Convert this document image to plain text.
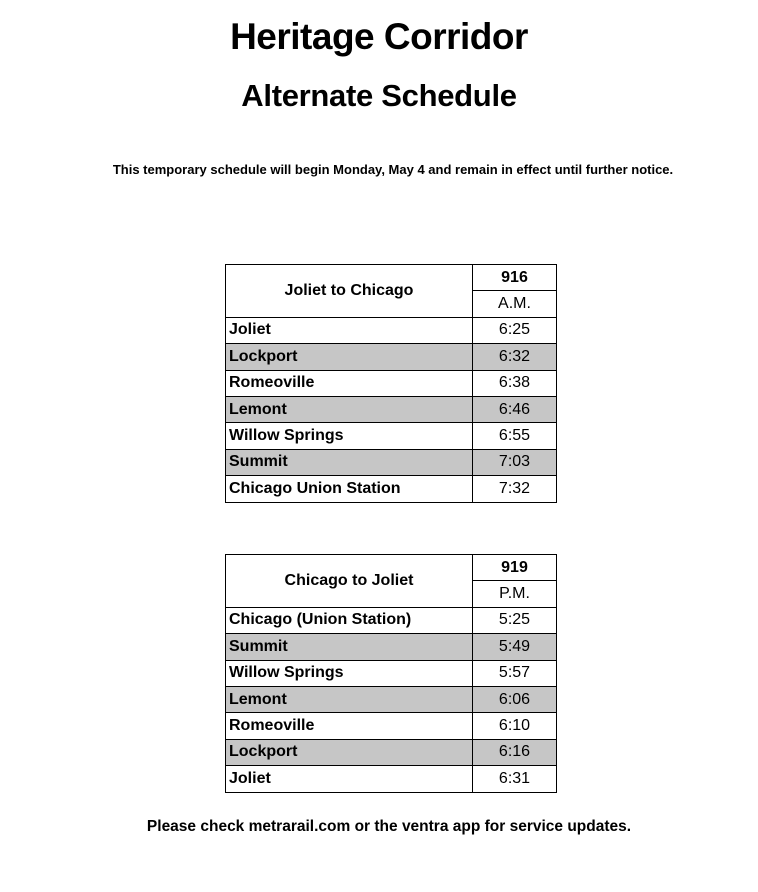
Heritage Corridor
Alternate Schedule
This temporary schedule will begin Monday, May 4 and remain in effect until further notice.
Joliet to Chicago	916
	A.M.
Joliet	6:25
Lockport	6:32
Romeoville	6:38
Lemont	6:46
Willow Springs	6:55
Summit	7:03
Chicago Union Station	7:32
Chicago to Joliet	919
	P.M.
Chicago (Union Station)	5:25
Summit	5:49
Willow Springs	5:57
Lemont	6:06
Romeoville	6:10
Lockport	6:16
Joliet	6:31
Please check metrarail.com or the ventra app for service updates.
